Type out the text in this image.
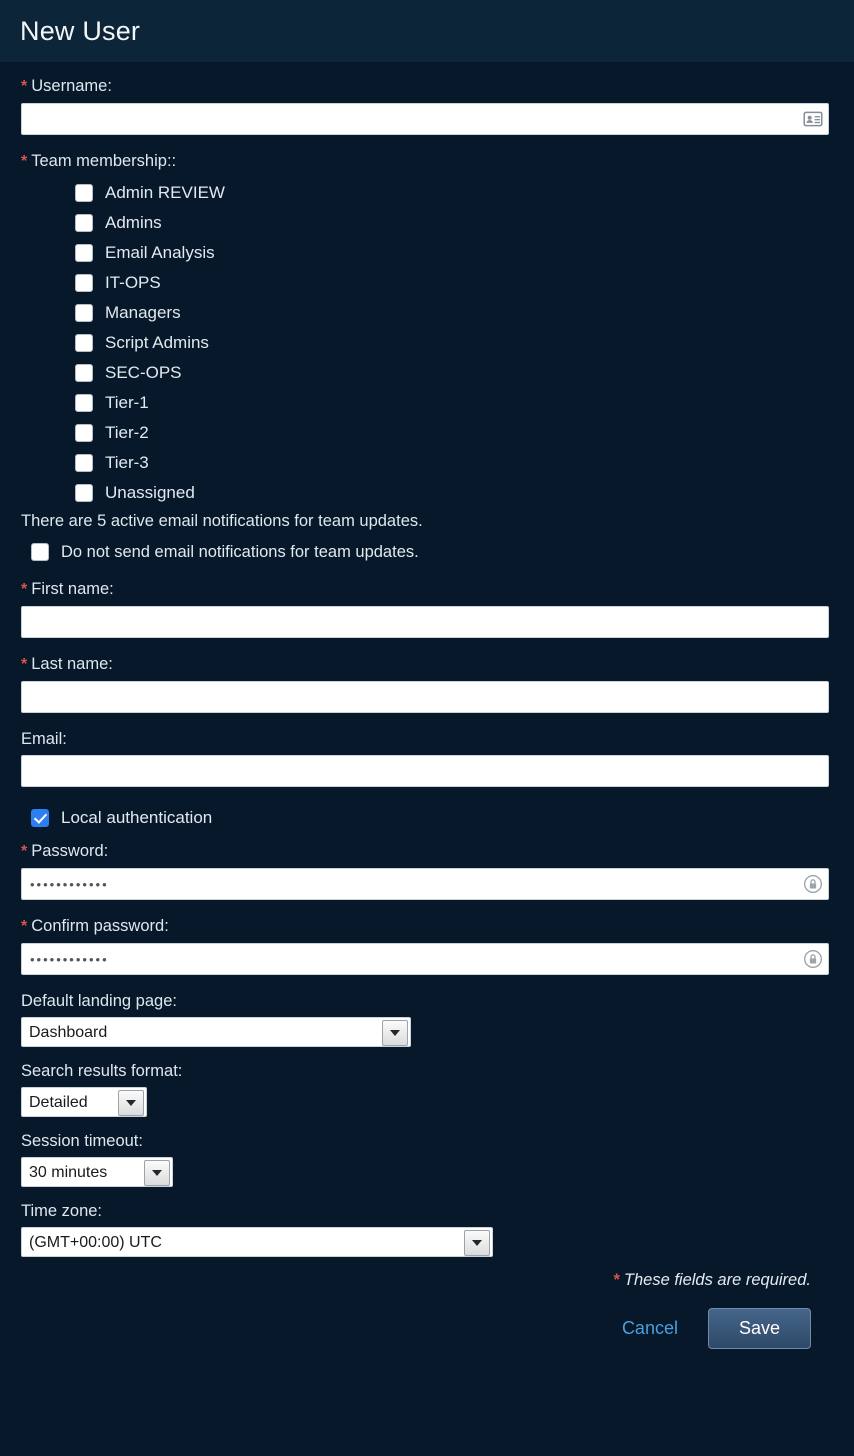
New User
* Username:
* Team membership::
Admin REVIEW
Admins
Email Analysis
IT-OPS
Managers
Script Admins
SEC-OPS
Tier-1
Tier-2
Tier-3
Unassigned
There are 5 active email notifications for team updates.
Do not send email notifications for team updates.
* First name:
* Last name:
Email:
Local authentication
* Password:
••••••••••••
* Confirm password:
••••••••••••
Default landing page:
Dashboard
Search results format:
Detailed
Session timeout:
30 minutes
Time zone:
(GMT+00:00) UTC
* These fields are required.
Cancel	Save
